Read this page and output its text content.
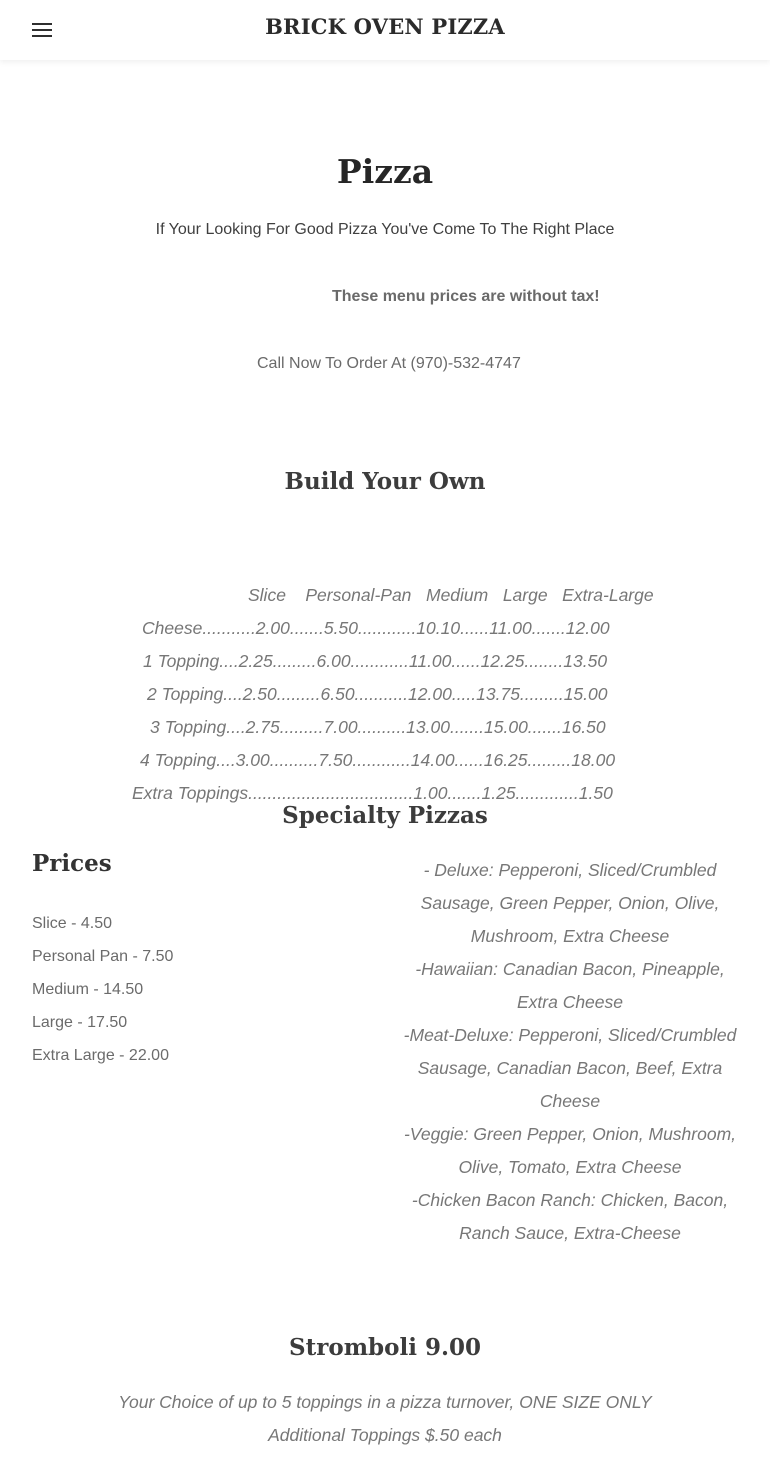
BRICK OVEN PIZZA
Pizza

If Your Looking For Good Pizza You've Come To The Right Place

These menu prices are without tax!

Call Now To Order At (970)-532-4747

Build Your Own
Slice    Personal-Pan   Medium   Large   Extra-Large
Cheese...........2.00.......5.50............10.10......11.00.......12.00
1 Topping....2.25.........6.00............11.00......12.25........13.50
2 Topping....2.50.........6.50...........12.00.....13.75.........15.00
3 Topping....2.75.........7.00..........13.00.......15.00.......16.50
4 Topping....3.00..........7.50............14.00......16.25.........18.00
Extra Toppings..................................1.00.......1.25.............1.50
Specialty Pizzas
Prices
Slice - 4.50
Personal Pan - 7.50
Medium - 14.50
Large - 17.50
Extra Large - 22.00

- Deluxe: Pepperoni, Sliced/Crumbled Sausage, Green Pepper, Onion, Olive, Mushroom, Extra Cheese

-Hawaiian: Canadian Bacon, Pineapple, Extra Cheese

-Meat-Deluxe: Pepperoni, Sliced/Crumbled Sausage, Canadian Bacon, Beef, Extra Cheese

-Veggie: Green Pepper, Onion, Mushroom, Olive, Tomato, Extra Cheese

-Chicken Bacon Ranch: Chicken, Bacon, Ranch Sauce, Extra-Cheese

Stromboli 9.00

Your Choice of up to 5 toppings in a pizza turnover, ONE SIZE ONLY

Additional Toppings $.50 each
